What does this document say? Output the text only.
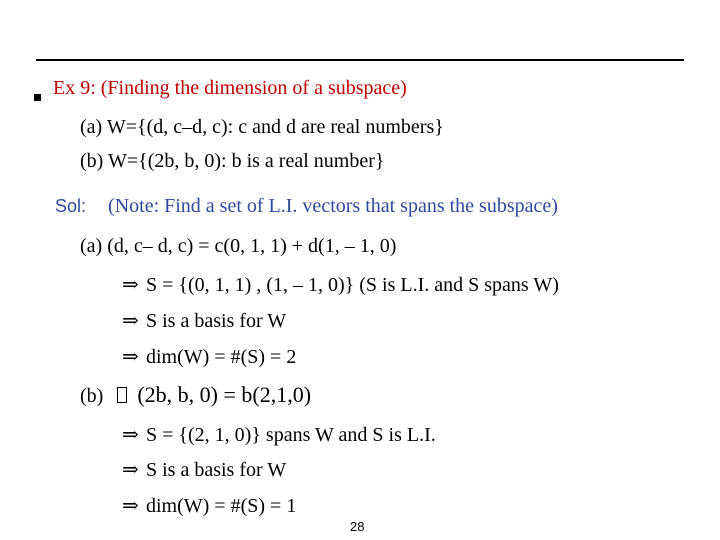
Ex 9: (Finding the dimension of a subspace)
(a) W={(d, c–d, c): c and d are real numbers}
(b) W={(2b, b, 0): b is a real number}
Sol: (Note: Find a set of L.I. vectors that spans the subspace)
(a) (d, c– d, c) = c(0, 1, 1) + d(1, – 1, 0)
⇒ S = {(0, 1, 1) , (1, – 1, 0)} (S is L.I. and S spans W)
⇒ S is a basis for W
⇒ dim(W) = #(S) = 2
(b) (2b, b, 0) = b(2,1,0)
⇒ S = {(2, 1, 0)} spans W and S is L.I.
⇒ S is a basis for W
⇒ dim(W) = #(S) = 1
28
